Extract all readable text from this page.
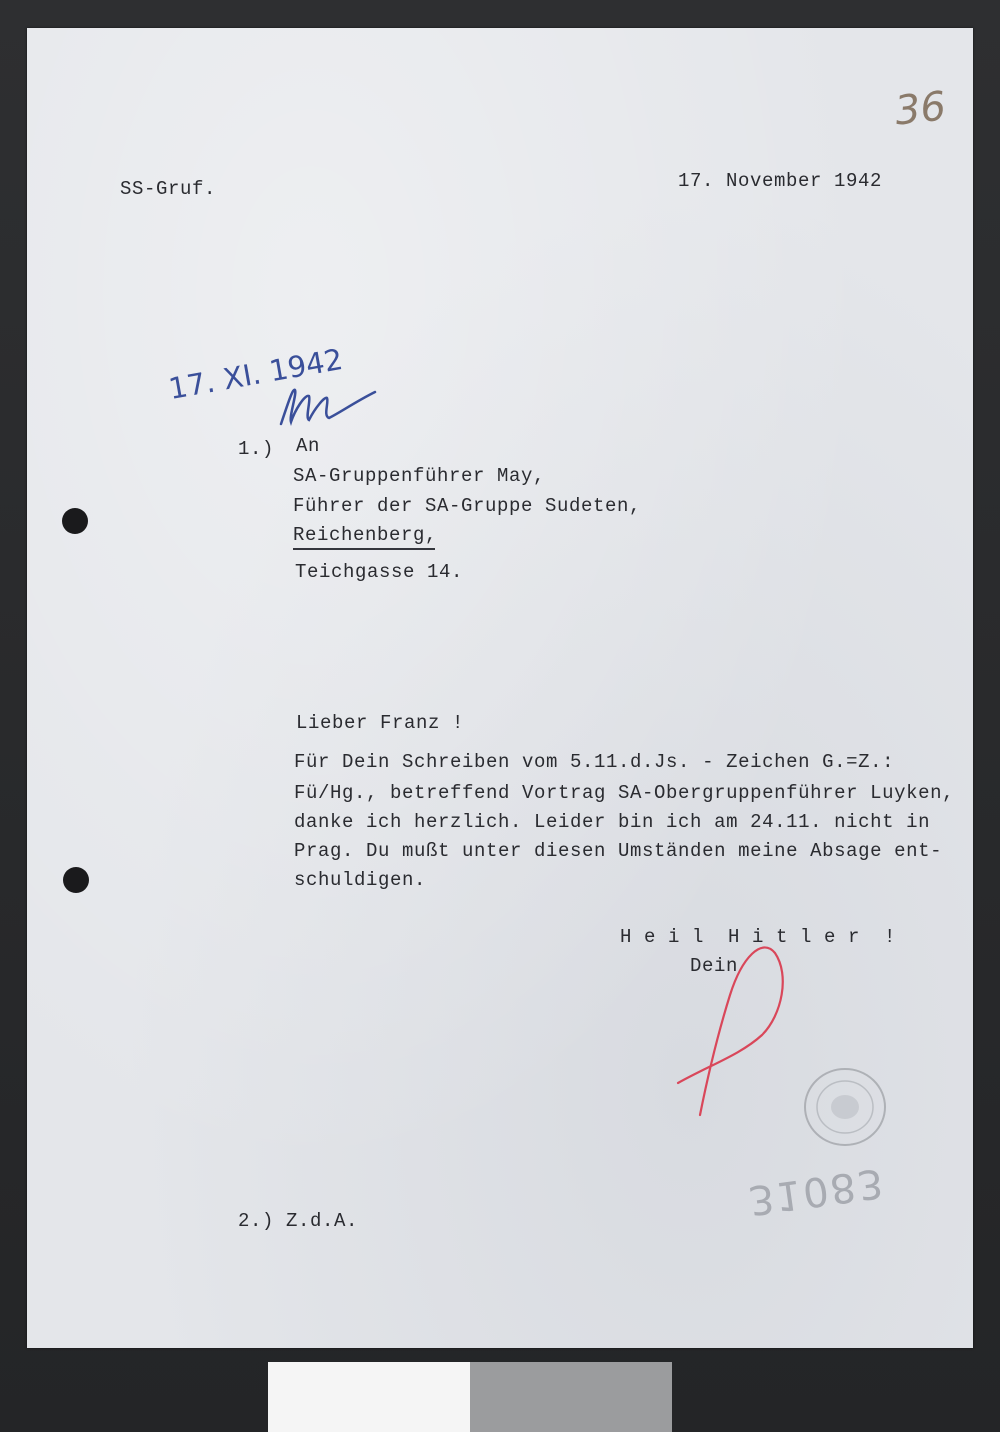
36
SS-Gruf.	17. November 1942
17. XI. 1942
1.) An
SA-Gruppenführer May,
Führer der SA-Gruppe Sudeten,
Reichenberg,
Teichgasse 14.
Lieber Franz !
Für Dein Schreiben vom 5.11.d.Js. - Zeichen G.=Z.:
Fü/Hg., betreffend Vortrag SA-Obergruppenführer Luyken,
danke ich herzlich. Leider bin ich am 24.11. nicht in
Prag. Du mußt unter diesen Umständen meine Absage ent-
schuldigen.
H e i l  H i t l e r  !
Dein
31083
2.) Z.d.A.
